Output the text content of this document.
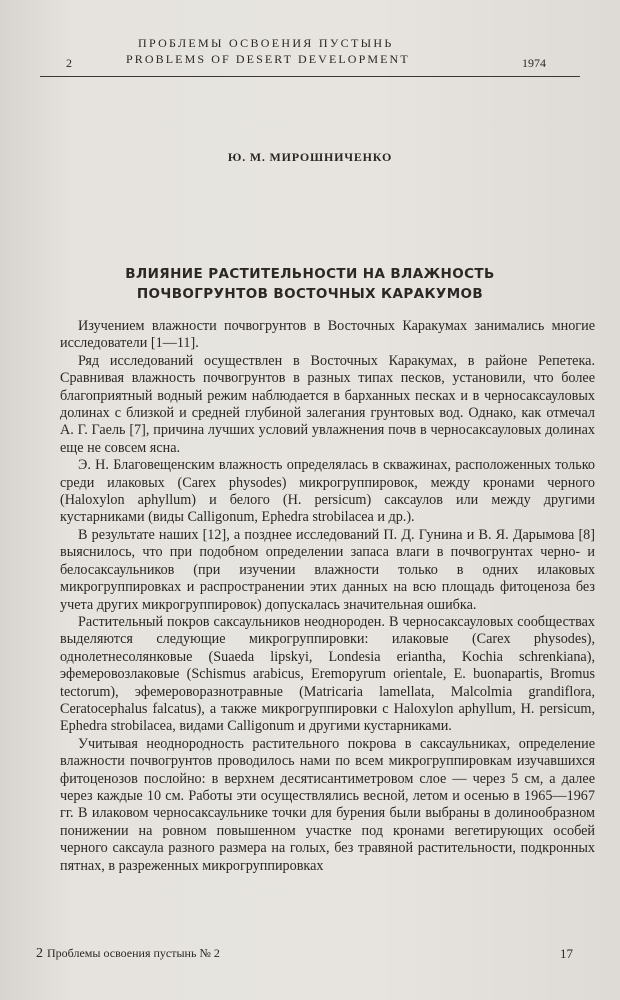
2
ПРОБЛЕМЫ ОСВОЕНИЯ ПУСТЫНЬ
PROBLEMS OF DESERT DEVELOPMENT	1974
Ю. М. МИРОШНИЧЕНКО
ВЛИЯНИЕ РАСТИТЕЛЬНОСТИ НА ВЛАЖНОСТЬ
ПОЧВОГРУНТОВ ВОСТОЧНЫХ КАРАКУМОВ

Изучением влажности почвогрунтов в Восточных Каракумах занимались многие исследователи [1—11].

Ряд исследований осуществлен в Восточных Каракумах, в районе Репетека. Сравнивая влажность почвогрунтов в разных типах песков, установили, что более благоприятный водный режим наблюдается в барханных песках и в черносаксауловых долинах с близкой и средней глубиной залегания грунтовых вод. Однако, как отмечал А. Г. Гаель [7], причина лучших условий увлажнения почв в черносаксауловых долинах еще не совсем ясна.

Э. Н. Благовещенским влажность определялась в скважинах, расположенных только среди илаковых (Carex physodes) микрогруппировок, между кронами черного (Haloxylon aphyllum) и белого (H. persicum) саксаулов или между другими кустарниками (виды Calligonum, Ephedra strobilacea и др.).

В результате наших [12], а позднее исследований П. Д. Гунина и В. Я. Дарымова [8] выяснилось, что при подобном определении запаса влаги в почвогрунтах черно- и белосаксаульников (при изучении влажности только в одних илаковых микрогруппировках и распространении этих данных на всю площадь фитоценоза без учета других микрогруппировок) допускалась значительная ошибка.

Растительный покров саксаульников неоднороден. В черносаксауловых сообществах выделяются следующие микрогруппировки: илаковые (Carex physodes), однолетнесолянковые (Suaeda lipskyi, Londesia eriantha, Kochia schrenkiana), эфемеровозлаковые (Schismus arabicus, Eremopyrum orientale, E. buonapartis, Bromus tectorum), эфемероворазнотравные (Matricaria lamellata, Malcolmia grandiflora, Ceratocephalus falcatus), а также микрогруппировки с Haloxylon aphyllum, H. persicum, Ephedra strobilacea, видами Calligonum и другими кустарниками.

Учитывая неоднородность растительного покрова в саксаульниках, определение влажности почвогрунтов проводилось нами по всем микрогруппировкам изучавшихся фитоценозов послойно: в верхнем десятисантиметровом слое — через 5 см, а далее через каждые 10 см. Работы эти осуществлялись весной, летом и осенью в 1965—1967 гг. В илаковом черносаксаульнике точки для бурения были выбраны в долинообразном понижении на ровном повышенном участке под кронами вегетирующих особей черного саксаула разного размера на голых, без травяной растительности, подкронных пятнах, в разреженных микрогруппировках

2 Проблемы освоения пустынь № 2	17
